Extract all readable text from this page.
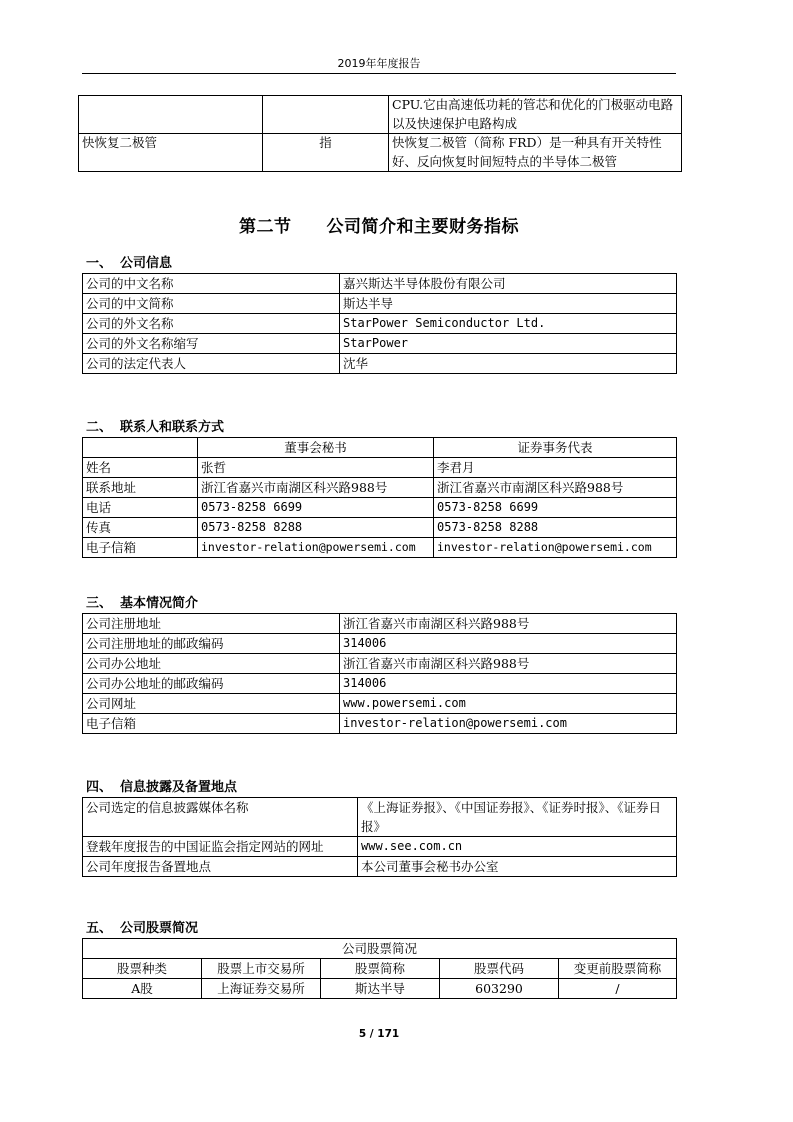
2019年年度报告
		CPU.它由高速低功耗的管芯和优化的门极驱动电路以及快速保护电路构成
快恢复二极管	指	快恢复二极管（简称 FRD）是一种具有开关特性好、反向恢复时间短特点的半导体二极管
第二节　　公司简介和主要财务指标
一、 公司信息
公司的中文名称	嘉兴斯达半导体股份有限公司
公司的中文简称	斯达半导
公司的外文名称	StarPower Semiconductor Ltd.
公司的外文名称缩写	StarPower
公司的法定代表人	沈华
二、 联系人和联系方式
	董事会秘书	证券事务代表
姓名	张哲	李君月
联系地址	浙江省嘉兴市南湖区科兴路988号	浙江省嘉兴市南湖区科兴路988号
电话	0573-8258 6699	0573-8258 6699
传真	0573-8258 8288	0573-8258 8288
电子信箱	investor-relation@powersemi.com	investor-relation@powersemi.com
三、 基本情况简介
公司注册地址	浙江省嘉兴市南湖区科兴路988号
公司注册地址的邮政编码	314006
公司办公地址	浙江省嘉兴市南湖区科兴路988号
公司办公地址的邮政编码	314006
公司网址	www.powersemi.com
电子信箱	investor-relation@powersemi.com
四、 信息披露及备置地点
公司选定的信息披露媒体名称	《上海证券报》、《中国证券报》、《证券时报》、《证券日报》
登载年度报告的中国证监会指定网站的网址	www.see.com.cn
公司年度报告备置地点	本公司董事会秘书办公室
五、 公司股票简况
公司股票简况				
股票种类	股票上市交易所	股票简称	股票代码	变更前股票简称
A股	上海证券交易所	斯达半导	603290	/
5 / 171
